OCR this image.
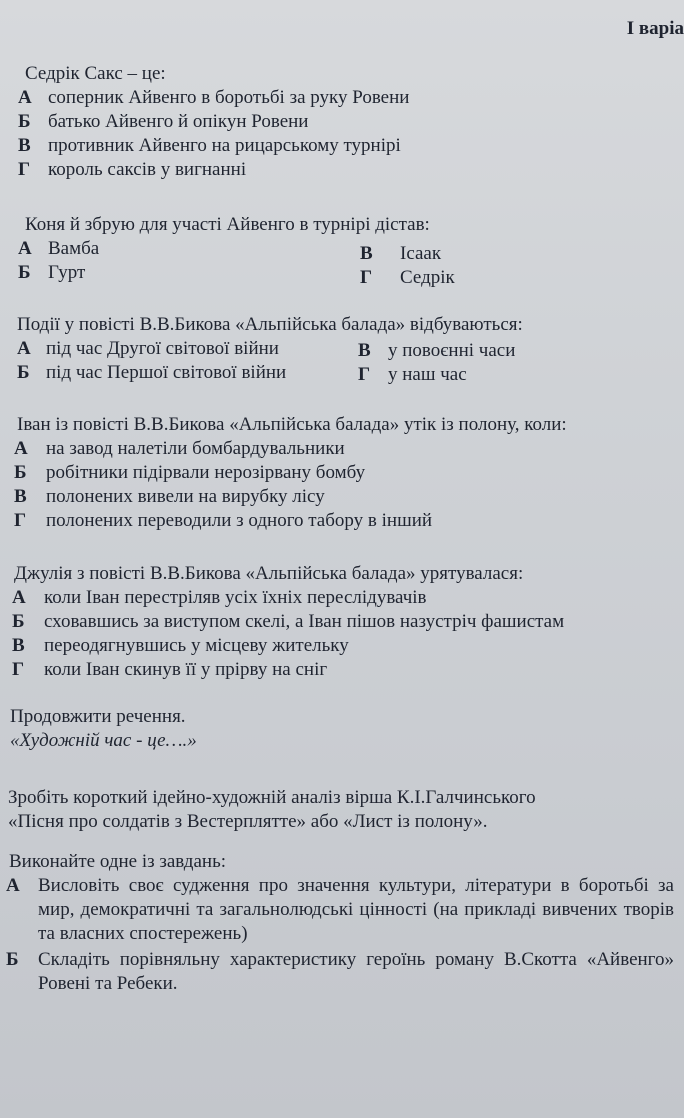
I варіа
Седрік Сакс – це:
А соперник Айвенго в боротьбі за руку Ровени
Б батько Айвенго й опікун Ровени
В противник Айвенго на рицарському турнірі
Г король саксів у вигнанні
Коня й збрую для участі Айвенго в турнірі дістав:
А Вамба	В Ісаак
Б Гурт	Г Седрік
Події у повісті В.В.Бикова «Альпійська балада» відбуваються:
А під час Другої світової війни	В у повоєнні часи
Б під час Першої світової війни	Г у наш час
Іван із повісті В.В.Бикова «Альпійська балада» утік із полону, коли:
А на завод налетіли бомбардувальники
Б робітники підірвали нерозірвану бомбу
В полонених вивели на вирубку лісу
Г полонених переводили з одного табору в інший
Джулія з повісті В.В.Бикова «Альпійська балада» урятувалася:
А коли Іван перестріляв усіх їхніх переслідувачів
Б сховавшись за виступом скелі, а Іван пішов назустріч фашистам
В переодягнувшись у місцеву жительку
Г коли Іван скинув її у прірву на сніг
Продовжити речення.
«Художній час - це….»
Зробіть короткий ідейно-художній аналіз вірша К.І.Галчинського
«Пісня про солдатів з Вестерплятте» або «Лист із полону».
Виконайте одне із завдань:
А Висловіть своє судження про значення культури, літератури в боротьбі за мир, демократичні та загальнолюдські цінності (на прикладі вивчених творів та власних спостережень)
Б Складіть порівняльну характеристику героїнь роману В.Скотта «Айвенго» Ровені та Ребеки.
